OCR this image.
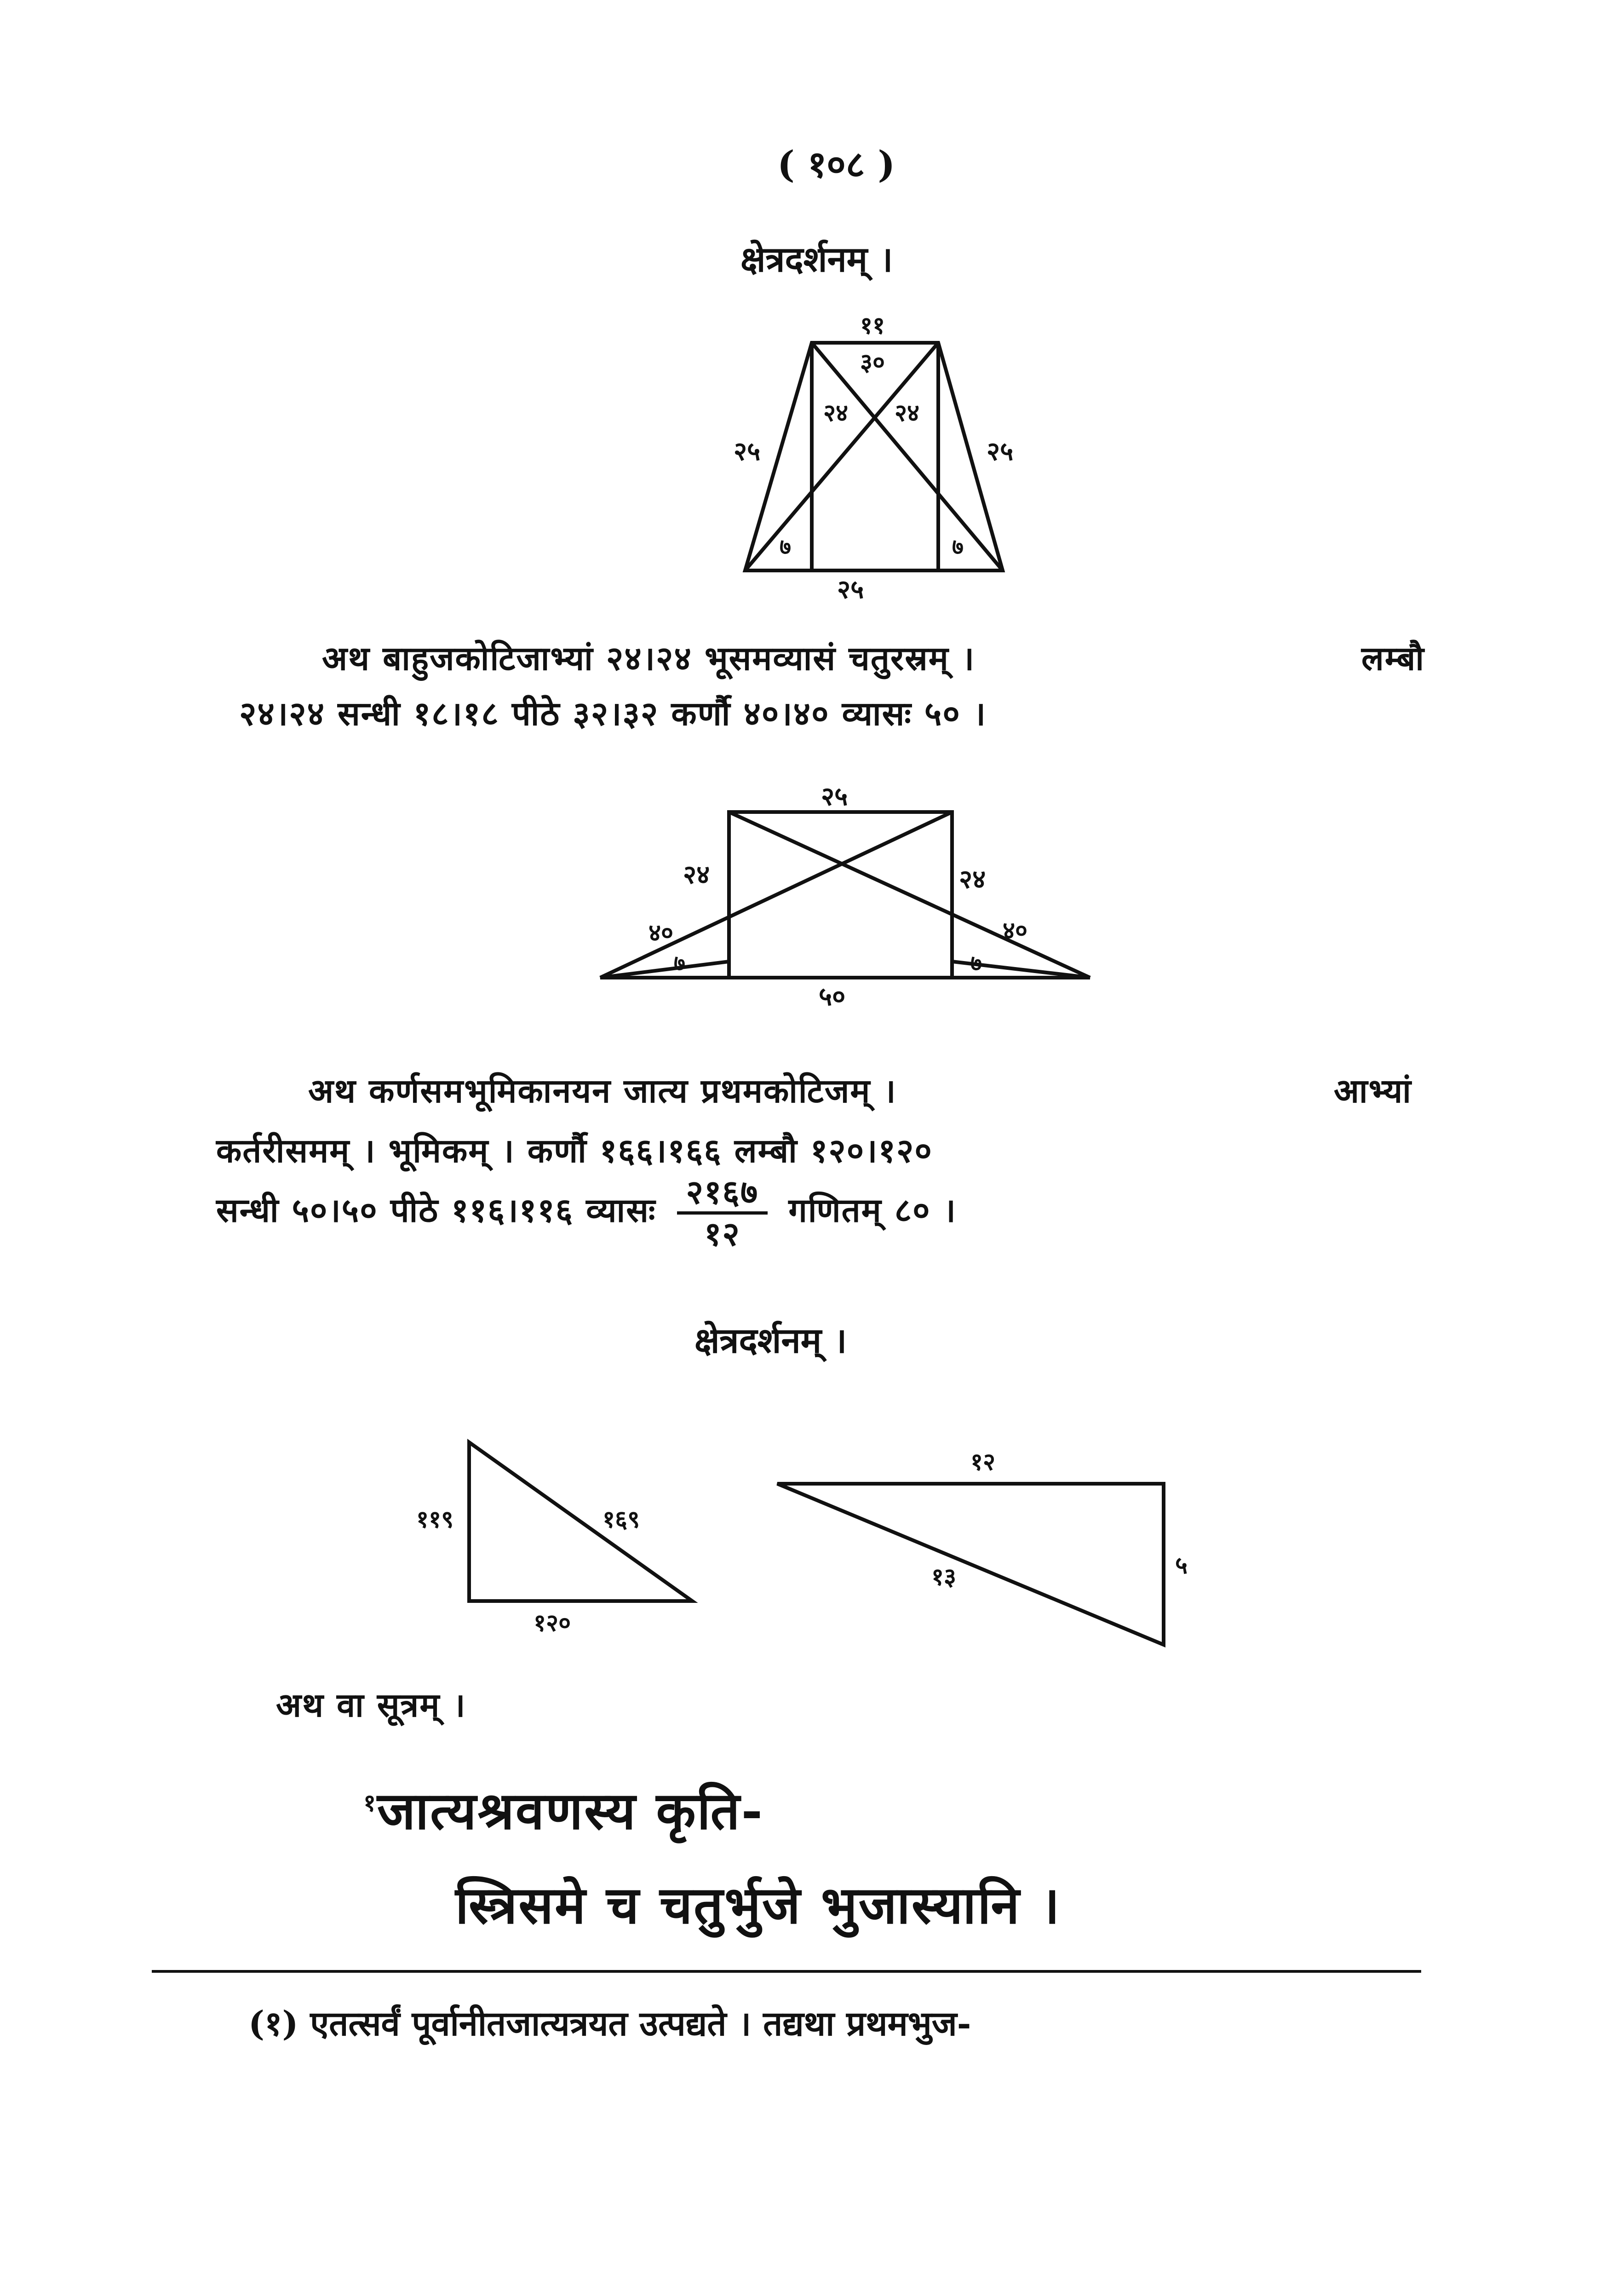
( १०८ )
क्षेत्रदर्शनम् ।
११
३०
२४ २४
२५	२५
७	७
२५
२५
२४	२४
४०	४०
७	७
५०
११९	१६९
१२०
१२
५
१३
अथ बाहुजकोटिजाभ्यां २४।२४ भूसमव्यासं चतुरस्रम् ।	लम्बौ
२४।२४ सन्धी १८।१८ पीठे ३२।३२ कर्णौ ४०।४० व्यासः ५० ।
अथ कर्णसमभूमिकानयन जात्य प्रथमकोटिजम् ।	आभ्यां
कर्तरीसमम् । भूमिकम् । कर्णौ १६६।१६६ लम्बौ १२०।१२०
सन्धी ५०।५० पीठे ११६।११६ व्यासः $\frac{२१६७}{१२}$ गणितम् ८० ।
क्षेत्रदर्शनम् ।
अथ वा सूत्रम् ।
$^१$जात्यश्रवणस्य कृति-
स्त्रिसमे च चतुर्भुजे भुजास्यानि ।
(१) एतत्सर्वं पूर्वानीतजात्यत्रयत उत्पद्यते । तद्यथा प्रथमभुज-
